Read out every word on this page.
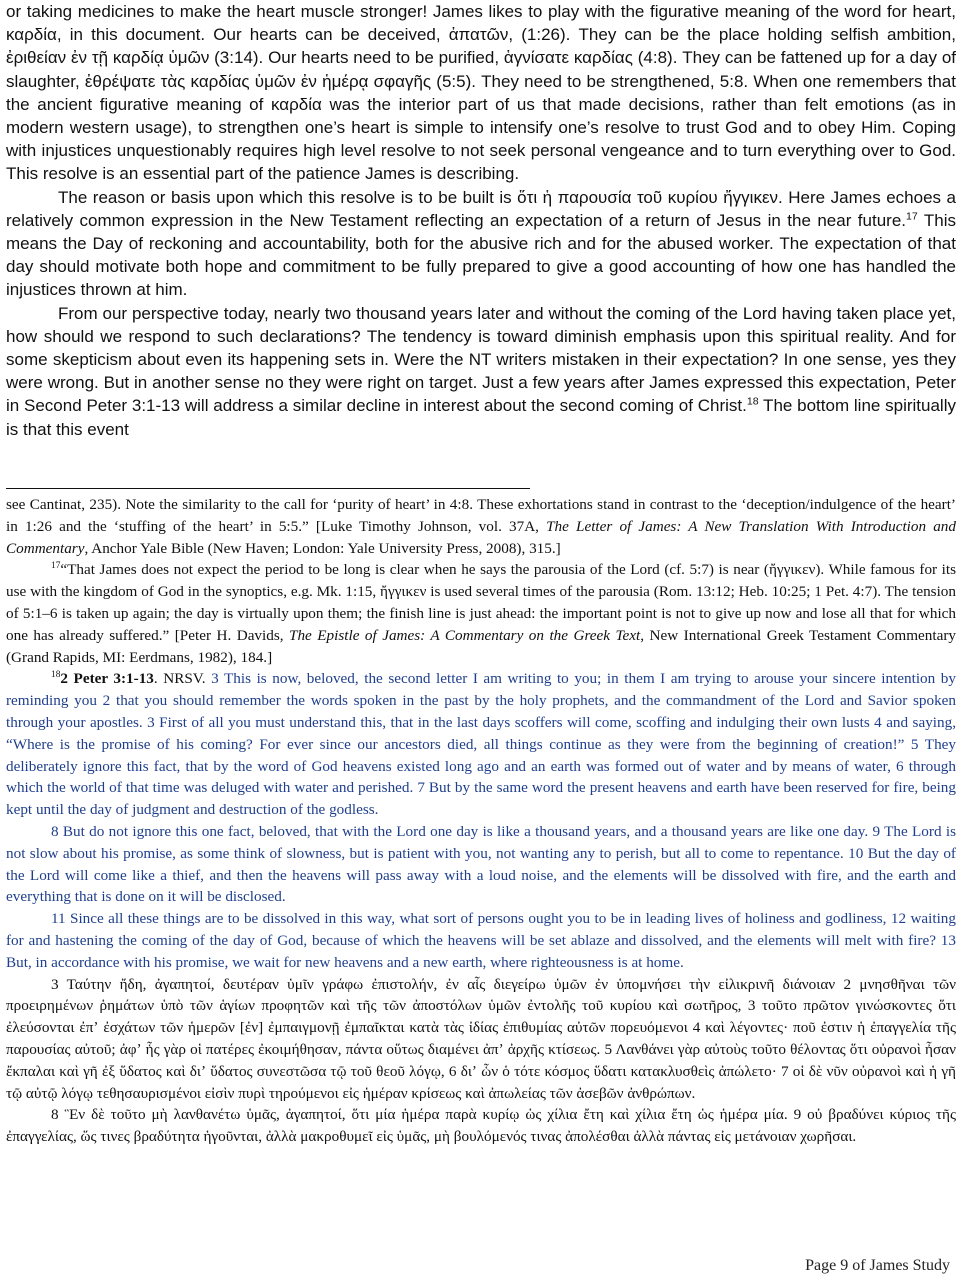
or taking medicines to make the heart muscle stronger! James likes to play with the figurative meaning of the word for heart, καρδία, in this document. Our hearts can be deceived, ἀπατῶν, (1:26). They can be the place holding selfish ambition, ἐριθείαν ἐν τῇ καρδίᾳ ὑμῶν (3:14). Our hearts need to be purified, ἁγνίσατε καρδίας (4:8). They can be fattened up for a day of slaughter, ἐθρέψατε τὰς καρδίας ὑμῶν ἐν ἡμέρᾳ σφαγῆς (5:5). They need to be strengthened, 5:8. When one remembers that the ancient figurative meaning of καρδία was the interior part of us that made decisions, rather than felt emotions (as in modern western usage), to strengthen one’s heart is simple to intensify one’s resolve to trust God and to obey Him. Coping with injustices unquestionably requires high level resolve to not seek personal vengeance and to turn everything over to God. This resolve is an essential part of the patience James is describing.

The reason or basis upon which this resolve is to be built is ὅτι ἡ παρουσία τοῦ κυρίου ἤγγικεν. Here James echoes a relatively common expression in the New Testament reflecting an expectation of a return of Jesus in the near future.$^{17}$ This means the Day of reckoning and accountability, both for the abusive rich and for the abused worker. The expectation of that day should motivate both hope and commitment to be fully prepared to give a good accounting of how one has handled the injustices thrown at him.

From our perspective today, nearly two thousand years later and without the coming of the Lord having taken place yet, how should we respond to such declarations? The tendency is toward diminish emphasis upon this spiritual reality. And for some skepticism about even its happening sets in. Were the NT writers mistaken in their expectation? In one sense, yes they were wrong. But in another sense no they were right on target. Just a few years after James expressed this expectation, Peter in Second Peter 3:1-13 will address a similar decline in interest about the second coming of Christ.$^{18}$ The bottom line spiritually is that this event

see Cantinat, 235). Note the similarity to the call for ‘purity of heart’ in 4:8. These exhortations stand in contrast to the ‘deception/indulgence of the heart’ in 1:26 and the ‘stuffing of the heart’ in 5:5.” [Luke Timothy Johnson, vol. 37A, The Letter of James: A New Translation With Introduction and Commentary, Anchor Yale Bible (New Haven; London: Yale University Press, 2008), 315.]

$^{17}$“That James does not expect the period to be long is clear when he says the parousia of the Lord (cf. 5:7) is near (ἤγγικεν). While famous for its use with the kingdom of God in the synoptics, e.g. Mk. 1:15, ἤγγικεν is used several times of the parousia (Rom. 13:12; Heb. 10:25; 1 Pet. 4:7). The tension of 5:1–6 is taken up again; the day is virtually upon them; the finish line is just ahead: the important point is not to give up now and lose all that for which one has already suffered.” [Peter H. Davids, The Epistle of James: A Commentary on the Greek Text, New International Greek Testament Commentary (Grand Rapids, MI: Eerdmans, 1982), 184.]

$^{18}$2 Peter 3:1-13. NRSV. 3 This is now, beloved, the second letter I am writing to you; in them I am trying to arouse your sincere intention by reminding you 2 that you should remember the words spoken in the past by the holy prophets, and the commandment of the Lord and Savior spoken through your apostles. 3 First of all you must understand this, that in the last days scoffers will come, scoffing and indulging their own lusts 4 and saying, “Where is the promise of his coming? For ever since our ancestors died, all things continue as they were from the beginning of creation!” 5 They deliberately ignore this fact, that by the word of God heavens existed long ago and an earth was formed out of water and by means of water, 6 through which the world of that time was deluged with water and perished. 7 But by the same word the present heavens and earth have been reserved for fire, being kept until the day of judgment and destruction of the godless.

8 But do not ignore this one fact, beloved, that with the Lord one day is like a thousand years, and a thousand years are like one day. 9 The Lord is not slow about his promise, as some think of slowness, but is patient with you, not wanting any to perish, but all to come to repentance. 10 But the day of the Lord will come like a thief, and then the heavens will pass away with a loud noise, and the elements will be dissolved with fire, and the earth and everything that is done on it will be disclosed.

11 Since all these things are to be dissolved in this way, what sort of persons ought you to be in leading lives of holiness and godliness, 12 waiting for and hastening the coming of the day of God, because of which the heavens will be set ablaze and dissolved, and the elements will melt with fire? 13 But, in accordance with his promise, we wait for new heavens and a new earth, where righteousness is at home.

3 Ταύτην ἤδη, ἀγαπητοί, δευτέραν ὑμῖν γράφω ἐπιστολήν, ἐν αἷς διεγείρω ὑμῶν ἐν ὑπομνήσει τὴν εἰλικρινῆ διάνοιαν 2 μνησθῆναι τῶν προειρημένων ῥημάτων ὑπὸ τῶν ἁγίων προφητῶν καὶ τῆς τῶν ἀποστόλων ὑμῶν ἐντολῆς τοῦ κυρίου καὶ σωτῆρος, 3 τοῦτο πρῶτον γινώσκοντες ὅτι ἐλεύσονται ἐπʼ ἐσχάτων τῶν ἡμερῶν [ἐν] ἐμπαιγμονῇ ἐμπαῖκται κατὰ τὰς ἰδίας ἐπιθυμίας αὐτῶν πορευόμενοι 4 καὶ λέγοντες· ποῦ ἐστιν ἡ ἐπαγγελία τῆς παρουσίας αὐτοῦ; ἀφʼ ἧς γὰρ οἱ πατέρες ἐκοιμήθησαν, πάντα οὕτως διαμένει ἀπʼ ἀρχῆς κτίσεως. 5 Λανθάνει γὰρ αὐτοὺς τοῦτο θέλοντας ὅτι οὐρανοὶ ἦσαν ἔκπαλαι καὶ γῆ ἐξ ὕδατος καὶ διʼ ὕδατος συνεστῶσα τῷ τοῦ θεοῦ λόγῳ, 6 διʼ ὧν ὁ τότε κόσμος ὕδατι κατακλυσθεὶς ἀπώλετο· 7 οἱ δὲ νῦν οὐρανοὶ καὶ ἡ γῆ τῷ αὐτῷ λόγῳ τεθησαυρισμένοι εἰσὶν πυρὶ τηρούμενοι εἰς ἡμέραν κρίσεως καὶ ἀπωλείας τῶν ἀσεβῶν ἀνθρώπων.

8 Ἓν δὲ τοῦτο μὴ λανθανέτω ὑμᾶς, ἀγαπητοί, ὅτι μία ἡμέρα παρὰ κυρίῳ ὡς χίλια ἔτη καὶ χίλια ἔτη ὡς ἡμέρα μία. 9 οὐ βραδύνει κύριος τῆς ἐπαγγελίας, ὥς τινες βραδύτητα ἡγοῦνται, ἀλλὰ μακροθυμεῖ εἰς ὑμᾶς, μὴ βουλόμενός τινας ἀπολέσθαι ἀλλὰ πάντας εἰς μετάνοιαν χωρῆσαι.

Page 9 of James Study
